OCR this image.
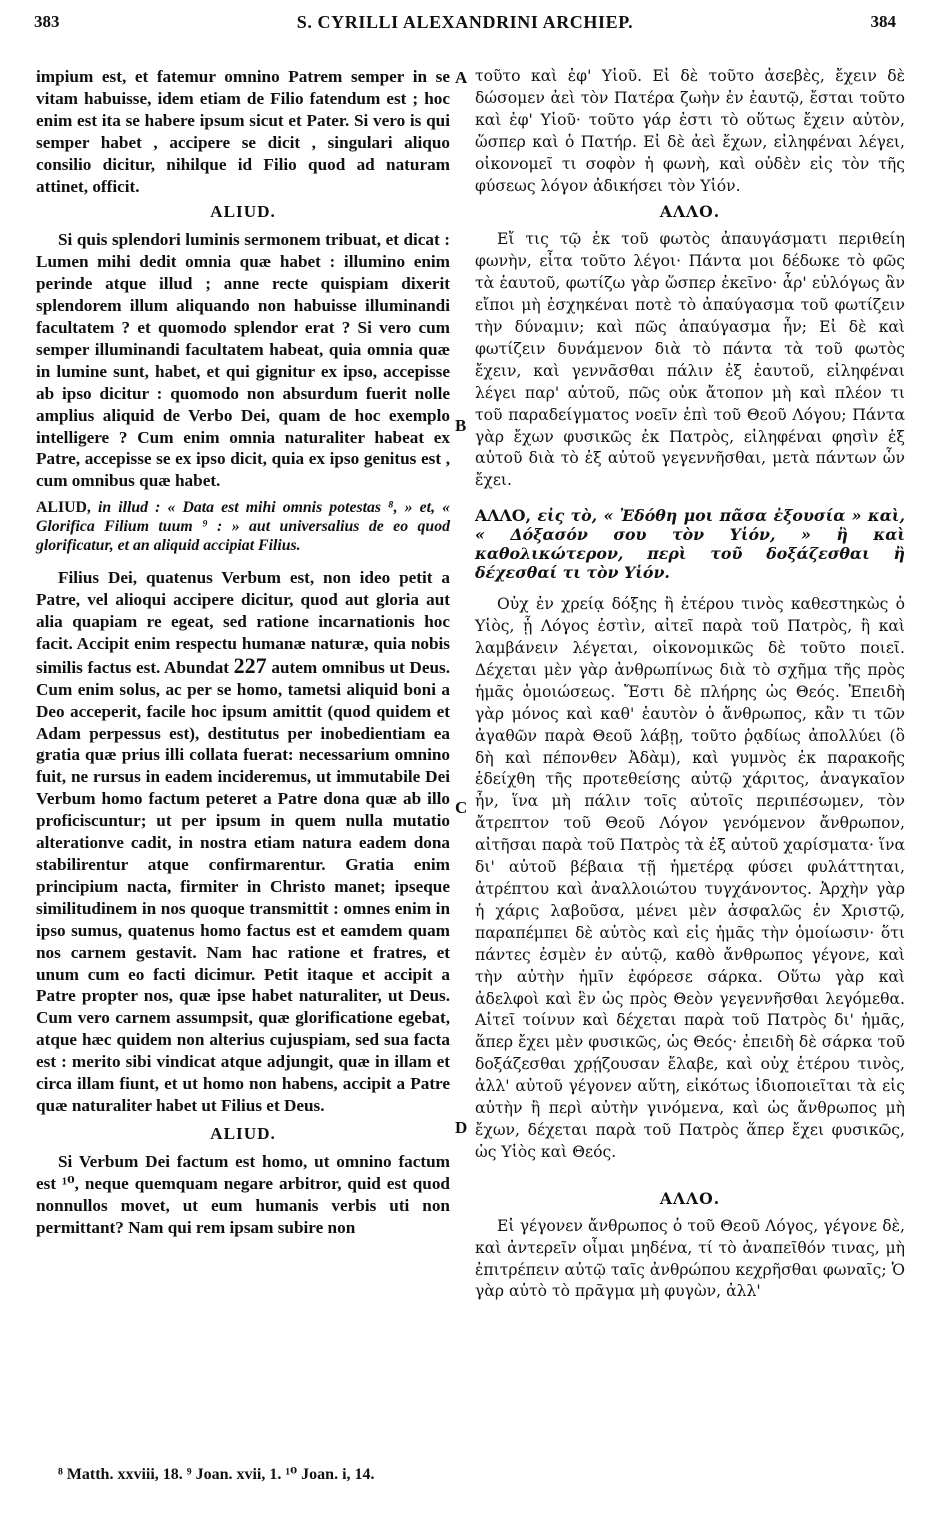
383	S. CYRILLI ALEXANDRINI ARCHIEP.	384

impium est, et fatemur omnino Patrem semper in se vitam habuisse, idem etiam de Filio fatendum est ; hoc enim est ita se habere ipsum sicut et Pater. Si vero is qui semper habet , accipere se dicit , singulari aliquo consilio dicitur, nihilque id Filio quod ad naturam attinet, officit.

ALIUD.

Si quis splendori luminis sermonem tribuat, et dicat : Lumen mihi dedit omnia quæ habet : illumino enim perinde atque illud ; anne recte quispiam dixerit splendorem illum aliquando non habuisse illuminandi facultatem ? et quomodo splendor erat ? Si vero cum semper illuminandi facultatem habeat, quia omnia quæ in lumine sunt, habet, et qui gignitur ex ipso, accepisse ab ipso dicitur : quomodo non absurdum fuerit nolle amplius aliquid de Verbo Dei, quam de hoc exemplo intelligere ? Cum enim omnia naturaliter habeat ex Patre, accepisse se ex ipso dicit, quia ex ipso genitus est , cum omnibus quæ habet.

ALIUD, in illud : « Data est mihi omnis potestas ⁸, » et, « Glorifica Filium tuum ⁹ : » aut universalius de eo quod glorificatur, et an aliquid accipiat Filius.

Filius Dei, quatenus Verbum est, non ideo petit a Patre, vel alioqui accipere dicitur, quod aut gloria aut alia quapiam re egeat, sed ratione incarnationis hoc facit. Accipit enim respectu humanæ naturæ, quia nobis similis factus est. Abundat 227 autem omnibus ut Deus. Cum enim solus, ac per se homo, tametsi aliquid boni a Deo acceperit, facile hoc ipsum amittit (quod quidem et Adam perpessus est), destitutus per inobedientiam ea gratia quæ prius illi collata fuerat: necessarium omnino fuit, ne rursus in eadem incideremus, ut immutabile Dei Verbum homo factum peteret a Patre dona quæ ab illo proficiscuntur; ut per ipsum in quem nulla mutatio alterationve cadit, in nostra etiam natura eadem dona stabilirentur atque confirmarentur. Gratia enim principium nacta, firmiter in Christo manet; ipseque similitudinem in nos quoque transmittit : omnes enim in ipso sumus, quatenus homo factus est et eamdem quam nos carnem gestavit. Nam hac ratione et fratres, et unum cum eo facti dicimur. Petit itaque et accipit a Patre propter nos, quæ ipse habet naturaliter, ut Deus. Cum vero carnem assumpsit, quæ glorificatione egebat, atque hæc quidem non alterius cujuspiam, sed sua facta est : merito sibi vindicat atque adjungit, quæ in illam et circa illam fiunt, et ut homo non habens, accipit a Patre quæ naturaliter habet ut Filius et Deus.

ALIUD.

Si Verbum Dei factum est homo, ut omnino factum est ¹⁰, neque quemquam negare arbitror, quid est quod nonnullos movet, ut eum humanis verbis uti non permittant? Nam qui rem ipsam subire non

τοῦτο καὶ ἐφ' Υἱοῦ. Εἰ δὲ τοῦτο ἀσεβὲς, ἔχειν δὲ δώσομεν ἀεὶ τὸν Πατέρα ζωὴν ἐν ἑαυτῷ, ἔσται τοῦτο καὶ ἐφ' Υἱοῦ· τοῦτο γάρ ἐστι τὸ οὕτως ἔχειν αὐτὸν, ὥσπερ καὶ ὁ Πατήρ. Εἰ δὲ ἀεὶ ἔχων, εἰληφέναι λέγει, οἰκονομεῖ τι σοφὸν ἡ φωνὴ, καὶ οὐδὲν εἰς τὸν τῆς φύσεως λόγον ἀδικήσει τὸν Υἱόν.

ΑΛΛΟ.

Εἴ τις τῷ ἐκ τοῦ φωτὸς ἀπαυγάσματι περιθείη φωνὴν, εἶτα τοῦτο λέγοι· Πάντα μοι δέδωκε τὸ φῶς τὰ ἑαυτοῦ, φωτίζω γὰρ ὥσπερ ἐκεῖνο· ἆρ' εὐλόγως ἂν εἴποι μὴ ἐσχηκέναι ποτὲ τὸ ἀπαύγασμα τοῦ φωτίζειν τὴν δύναμιν; καὶ πῶς ἀπαύγασμα ἦν; Εἰ δὲ καὶ φωτίζειν δυνάμενον διὰ τὸ πάντα τὰ τοῦ φωτὸς ἔχειν, καὶ γεννᾶσθαι πάλιν ἐξ ἑαυτοῦ, εἰληφέναι λέγει παρ' αὐτοῦ, πῶς οὐκ ἄτοπον μὴ καὶ πλέον τι τοῦ παραδείγματος νοεῖν ἐπὶ τοῦ Θεοῦ Λόγου; Πάντα γὰρ ἔχων φυσικῶς ἐκ Πατρὸς, εἰληφέναι φησὶν ἐξ αὐτοῦ διὰ τὸ ἐξ αὐτοῦ γεγεννῆσθαι, μετὰ πάντων ὧν ἔχει.

ΑΛΛΟ, εἰς τὸ, « Ἐδόθη μοι πᾶσα ἐξουσία » καὶ, « Δόξασόν σου τὸν Υἱόν, » ἢ καὶ καθολικώτερον, περὶ τοῦ δοξάζεσθαι ἢ δέχεσθαί τι τὸν Υἱόν.

Οὐχ ἐν χρείᾳ δόξης ἢ ἑτέρου τινὸς καθεστηκὼς ὁ Υἱὸς, ᾗ Λόγος ἐστὶν, αἰτεῖ παρὰ τοῦ Πατρὸς, ἢ καὶ λαμβάνειν λέγεται, οἰκονομικῶς δὲ τοῦτο ποιεῖ. Δέχεται μὲν γὰρ ἀνθρωπίνως διὰ τὸ σχῆμα τῆς πρὸς ἡμᾶς ὁμοιώσεως. Ἔστι δὲ πλήρης ὡς Θεός. Ἐπειδὴ γὰρ μόνος καὶ καθ' ἑαυτὸν ὁ ἄνθρωπος, κἂν τι τῶν ἀγαθῶν παρὰ Θεοῦ λάβῃ, τοῦτο ῥᾳδίως ἀπολλύει (ὃ δὴ καὶ πέπονθεν Ἀδὰμ), καὶ γυμνὸς ἐκ παρακοῆς ἐδείχθη τῆς προτεθείσης αὐτῷ χάριτος, ἀναγκαῖον ἦν, ἵνα μὴ πάλιν τοῖς αὐτοῖς περιπέσωμεν, τὸν ἄτρεπτον τοῦ Θεοῦ Λόγον γενόμενον ἄνθρωπον, αἰτῆσαι παρὰ τοῦ Πατρὸς τὰ ἐξ αὐτοῦ χαρίσματα· ἵνα δι' αὐτοῦ βέβαια τῇ ἡμετέρᾳ φύσει φυλάττηται, ἀτρέπτου καὶ ἀναλλοιώτου τυγχάνοντος. Ἀρχὴν γὰρ ἡ χάρις λαβοῦσα, μένει μὲν ἀσφαλῶς ἐν Χριστῷ, παραπέμπει δὲ αὐτὸς καὶ εἰς ἡμᾶς τὴν ὁμοίωσιν· ὅτι πάντες ἐσμὲν ἐν αὐτῷ, καθὸ ἄνθρωπος γέγονε, καὶ τὴν αὐτὴν ἡμῖν ἐφόρεσε σάρκα. Οὕτω γὰρ καὶ ἀδελφοὶ καὶ ἓν ὡς πρὸς Θεὸν γεγεννῆσθαι λεγόμεθα. Αἰτεῖ τοίνυν καὶ δέχεται παρὰ τοῦ Πατρὸς δι' ἡμᾶς, ἅπερ ἔχει μὲν φυσικῶς, ὡς Θεός· ἐπειδὴ δὲ σάρκα τοῦ δοξάζεσθαι χρῄζουσαν ἔλαβε, καὶ οὐχ ἑτέρου τινὸς, ἀλλ' αὐτοῦ γέγονεν αὕτη, εἰκότως ἰδιοποιεῖται τὰ εἰς αὐτὴν ἢ περὶ αὐτὴν γινόμενα, καὶ ὡς ἄνθρωπος μὴ ἔχων, δέχεται παρὰ τοῦ Πατρὸς ἅπερ ἔχει φυσικῶς, ὡς Υἱὸς καὶ Θεός.

ΑΛΛΟ.

Εἰ γέγονεν ἄνθρωπος ὁ τοῦ Θεοῦ Λόγος, γέγονε δὲ, καὶ ἀντερεῖν οἶμαι μηδένα, τί τὸ ἀναπεῖθόν τινας, μὴ ἐπιτρέπειν αὐτῷ ταῖς ἀνθρώπου κεχρῆσθαι φωναῖς; Ὁ γὰρ αὐτὸ τὸ πρᾶγμα μὴ φυγὼν, ἀλλ'

A
B
C
D
⁸ Matth. xxviii, 18. ⁹ Joan. xvii, 1. ¹⁰ Joan. i, 14.
